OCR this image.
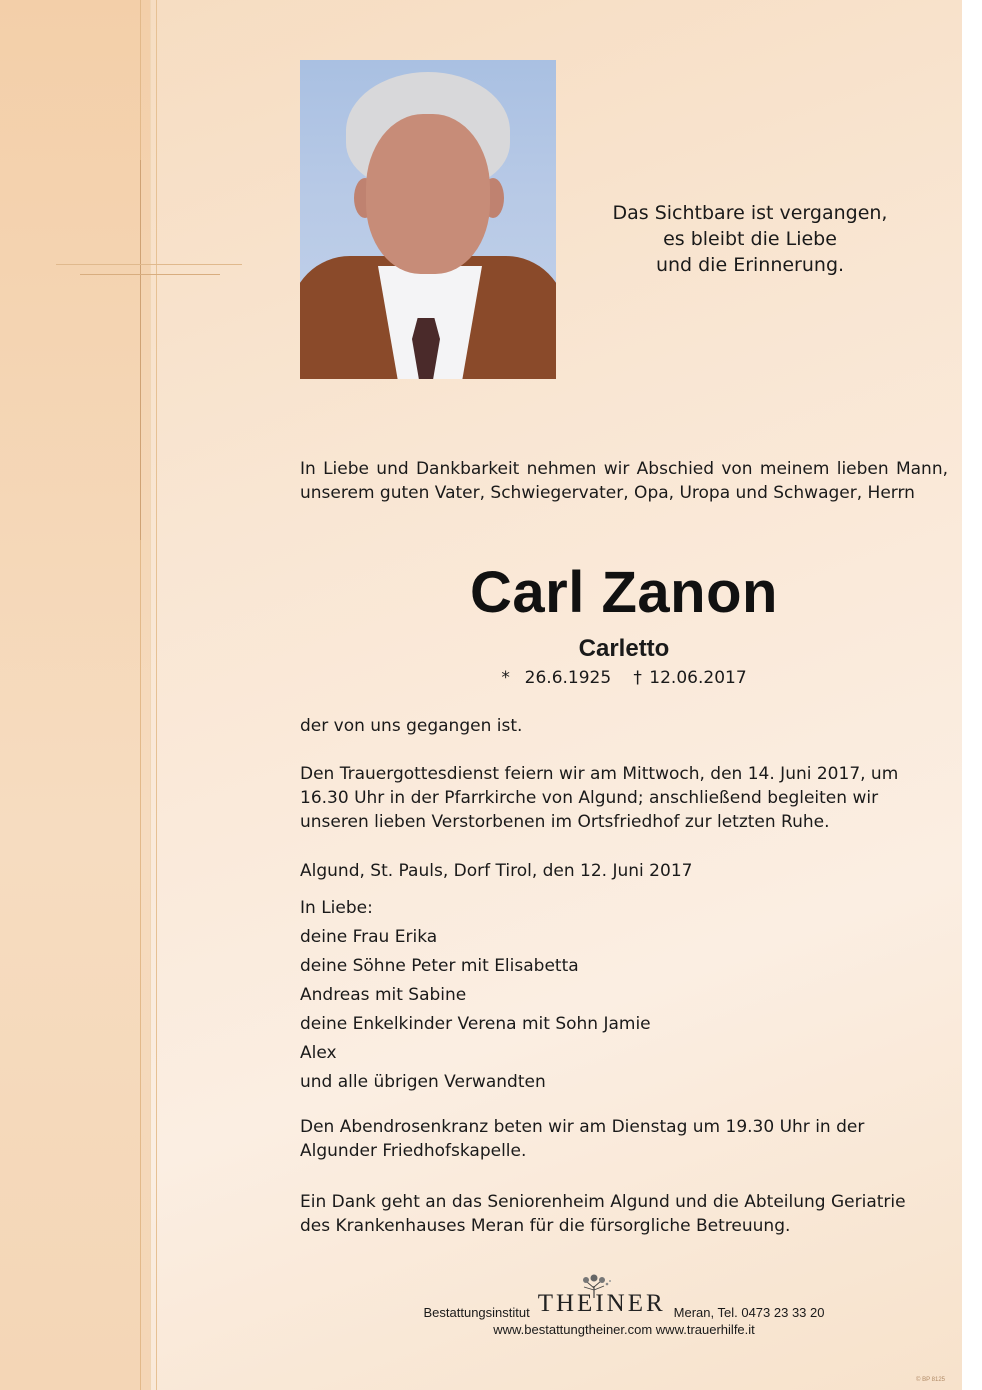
Das Sichtbare ist vergangen,
es bleibt die Liebe
und die Erinnerung.
In Liebe und Dankbarkeit nehmen wir Abschied von meinem lieben Mann, unserem guten Vater, Schwiegervater, Opa, Uropa und Schwager, Herrn
Carl Zanon
Carletto
*  26.6.1925   † 12.06.2017
der von uns gegangen ist.
Den Trauergottesdienst feiern wir am Mittwoch, den 14. Juni 2017, um 16.30 Uhr in der Pfarrkirche von Algund; anschließend begleiten wir unseren lieben Verstorbenen im Ortsfriedhof zur letzten Ruhe.
Algund, St. Pauls, Dorf Tirol, den 12. Juni 2017
In Liebe:
deine Frau Erika
deine Söhne Peter mit Elisabetta
Andreas mit Sabine
deine Enkelkinder Verena mit Sohn Jamie
Alex
und alle übrigen Verwandten
Den Abendrosenkranz beten wir am Dienstag um 19.30 Uhr in der Algunder Friedhofskapelle.
Ein Dank geht an das Seniorenheim Algund und die Abteilung Geriatrie des Krankenhauses Meran für die fürsorgliche Betreuung.
Bestattungsinstitut THEINER Meran, Tel. 0473 23 33 20
www.bestattungtheiner.com www.trauerhilfe.it
© BP 8125
